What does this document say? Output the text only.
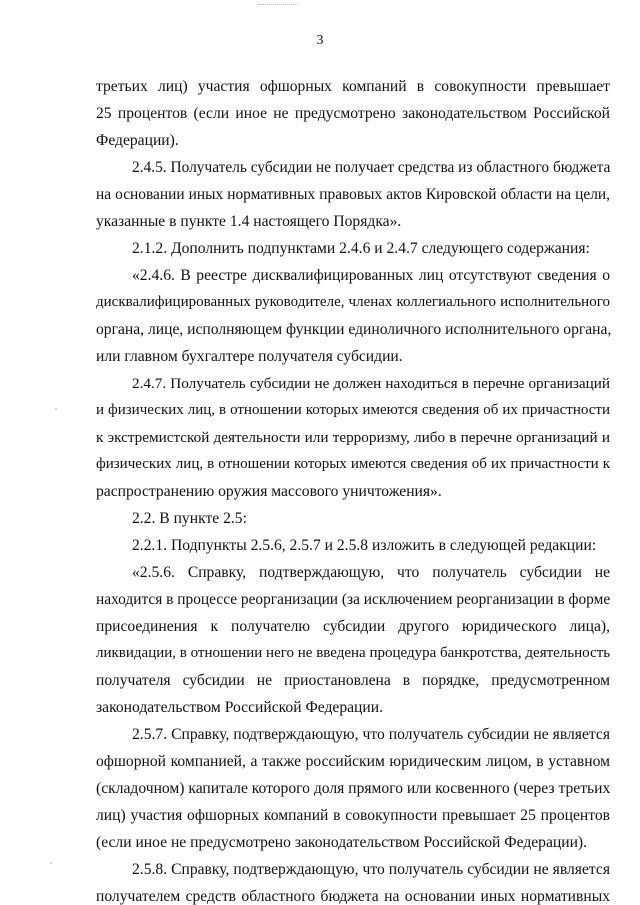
3
третьих лиц) участия офшорных компаний в совокупности превышает
25 процентов (если иное не предусмотрено законодательством Российской
Федерации).
2.4.5. Получатель субсидии не получает средства из областного бюджета
на основании иных нормативных правовых актов Кировской области на цели,
указанные в пункте 1.4 настоящего Порядка».
2.1.2. Дополнить подпунктами 2.4.6 и 2.4.7 следующего содержания:
«2.4.6. В реестре дисквалифицированных лиц отсутствуют сведения о
дисквалифицированных руководителе, членах коллегиального исполнительного
органа, лице, исполняющем функции единоличного исполнительного органа,
или главном бухгалтере получателя субсидии.
2.4.7. Получатель субсидии не должен находиться в перечне организаций
и физических лиц, в отношении которых имеются сведения об их причастности
к экстремистской деятельности или терроризму, либо в перечне организаций и
физических лиц, в отношении которых имеются сведения об их причастности к
распространению оружия массового уничтожения».
2.2. В пункте 2.5:
2.2.1. Подпункты 2.5.6, 2.5.7 и 2.5.8 изложить в следующей редакции:
«2.5.6. Справку, подтверждающую, что получатель субсидии не
находится в процессе реорганизации (за исключением реорганизации в форме
присоединения к получателю субсидии другого юридического лица),
ликвидации, в отношении него не введена процедура банкротства, деятельность
получателя субсидии не приостановлена в порядке, предусмотренном
законодательством Российской Федерации.
2.5.7. Справку, подтверждающую, что получатель субсидии не является
офшорной компанией, а также российским юридическим лицом, в уставном
(складочном) капитале которого доля прямого или косвенного (через третьих
лиц) участия офшорных компаний в совокупности превышает 25 процентов
(если иное не предусмотрено законодательством Российской Федерации).
2.5.8. Справку, подтверждающую, что получатель субсидии не является
получателем средств областного бюджета на основании иных нормативных
